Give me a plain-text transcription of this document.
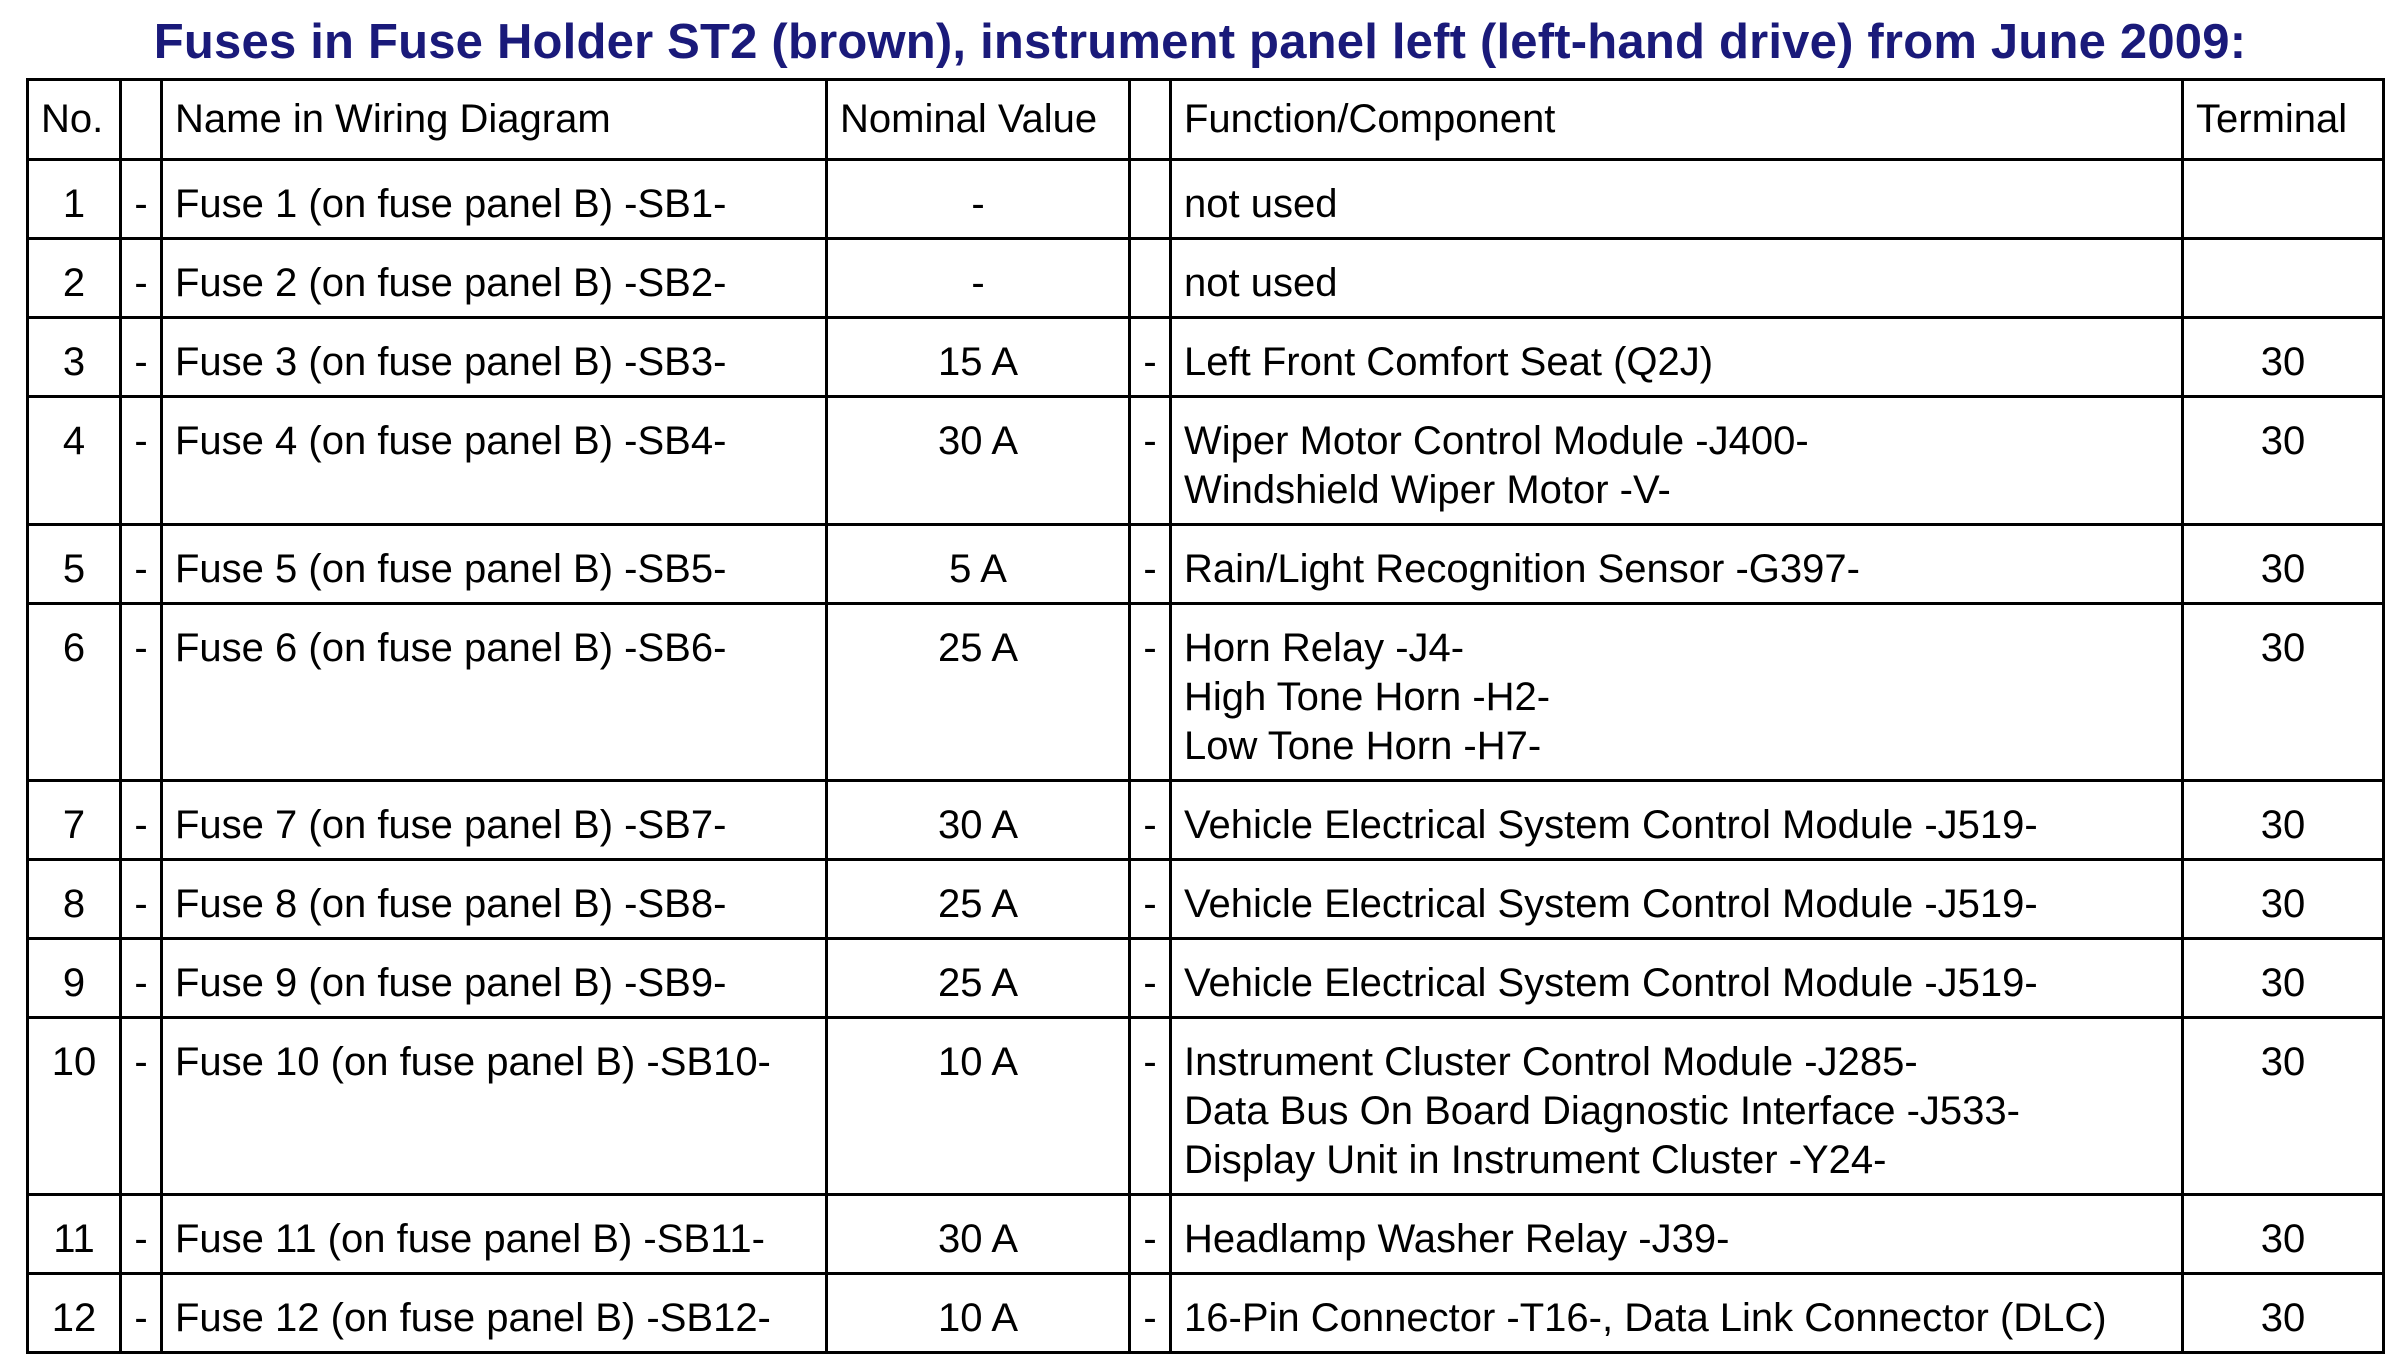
Fuses in Fuse Holder ST2 (brown), instrument panel left (left-hand drive) from June 2009:
No.		Name in Wiring Diagram	Nominal Value		Function/Component	Terminal
1	-	Fuse 1 (on fuse panel B) -SB1-	-		not used	

2	-	Fuse 2 (on fuse panel B) -SB2-	-		not used	

3	-	Fuse 3 (on fuse panel B) -SB3-	15 A	-	Left Front Comfort Seat (Q2J)	30
4	-	Fuse 4 (on fuse panel B) -SB4-	30 A	-	Wiper Motor Control Module -J400-
Windshield Wiper Motor -V-	30
5	-	Fuse 5 (on fuse panel B) -SB5-	5 A	-	Rain/Light Recognition Sensor -G397-	30
6	-	Fuse 6 (on fuse panel B) -SB6-	25 A	-	Horn Relay -J4-
High Tone Horn -H2-
Low Tone Horn -H7-	30
7	-	Fuse 7 (on fuse panel B) -SB7-	30 A	-	Vehicle Electrical System Control Module -J519-	30
8	-	Fuse 8 (on fuse panel B) -SB8-	25 A	-	Vehicle Electrical System Control Module -J519-	30
9	-	Fuse 9 (on fuse panel B) -SB9-	25 A	-	Vehicle Electrical System Control Module -J519-	30
10	-	Fuse 10 (on fuse panel B) -SB10-	10 A	-	Instrument Cluster Control Module -J285-
Data Bus On Board Diagnostic Interface -J533-
Display Unit in Instrument Cluster -Y24-	30
11	-	Fuse 11 (on fuse panel B) -SB11-	30 A	-	Headlamp Washer Relay -J39-	30
12	-	Fuse 12 (on fuse panel B) -SB12-	10 A	-	16-Pin Connector -T16-, Data Link Connector (DLC)	30
